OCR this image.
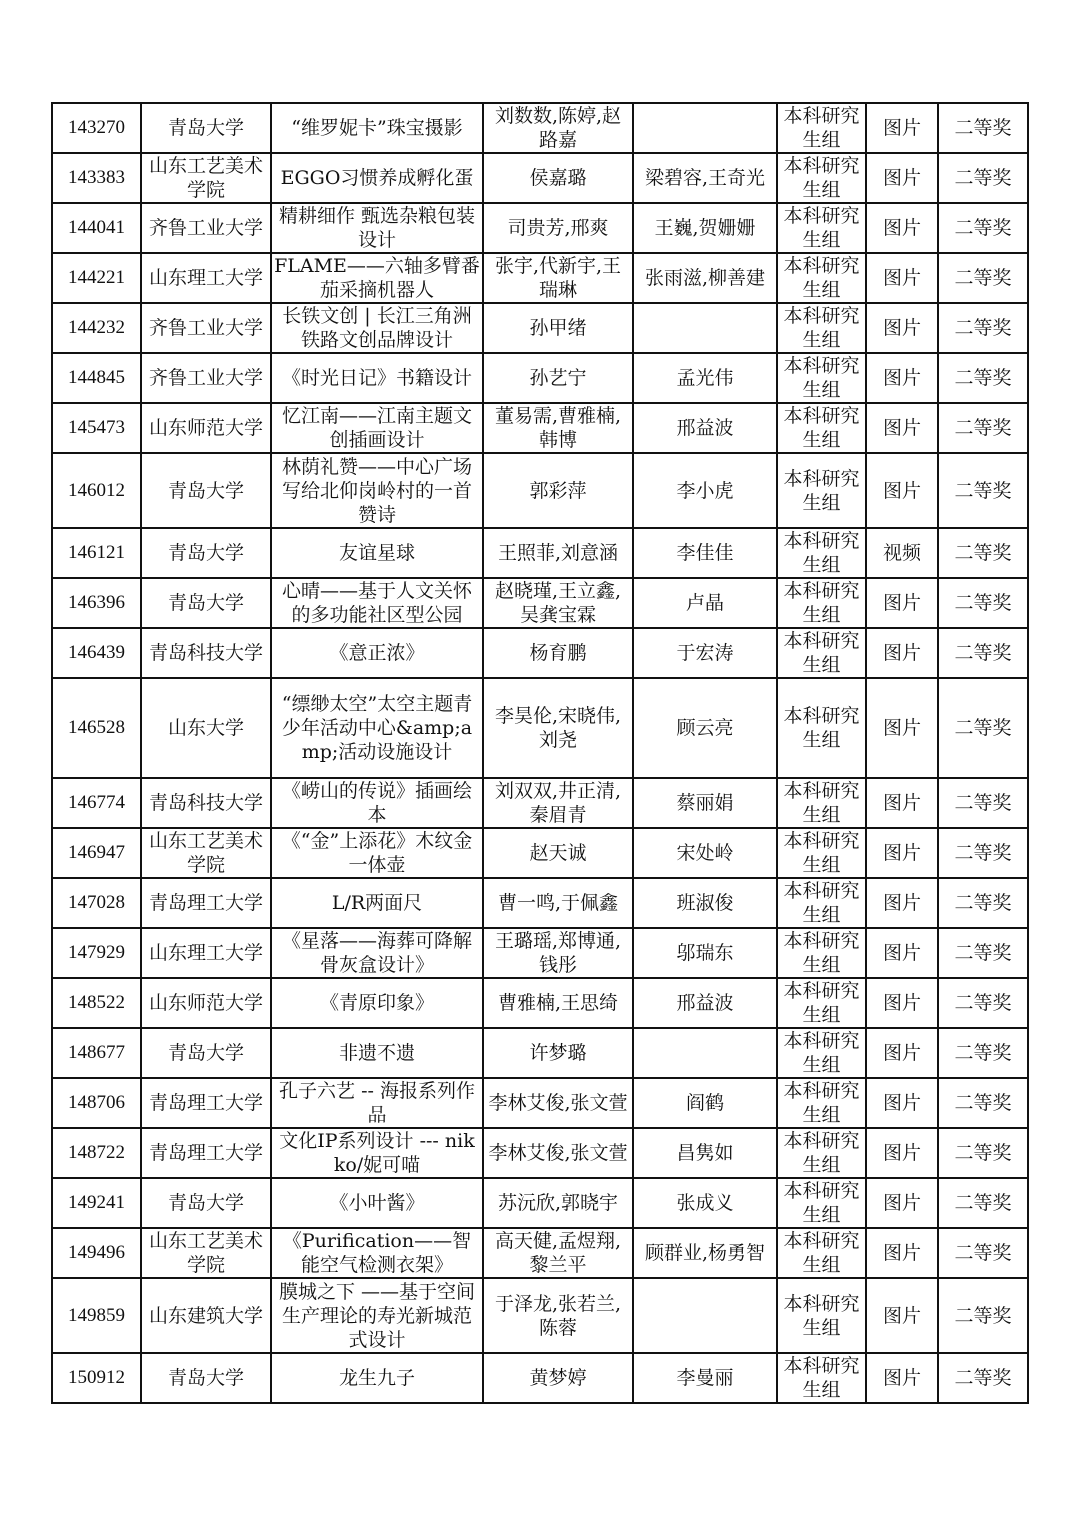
143270	青岛大学	“维罗妮卡”珠宝摄影	刘数数,陈婷,赵路嘉		本科研究生组	图片	二等奖
143383	山东工艺美术学院	EGGO习惯养成孵化蛋	侯嘉璐	梁碧容,王奇光	本科研究生组	图片	二等奖
144041	齐鲁工业大学	精耕细作 甄选杂粮包装设计	司贵芳,邢爽	王巍,贺姗姗	本科研究生组	图片	二等奖
144221	山东理工大学	FLAME——六轴多臂番茄采摘机器人	张宇,代新宇,王瑞琳	张雨滋,柳善建	本科研究生组	图片	二等奖
144232	齐鲁工业大学	长铁文创 | 长江三角洲铁路文创品牌设计	孙甲绪		本科研究生组	图片	二等奖
144845	齐鲁工业大学	《时光日记》书籍设计	孙艺宁	孟光伟	本科研究生组	图片	二等奖
145473	山东师范大学	忆江南——江南主题文创插画设计	董易需,曹雅楠,韩博	邢益波	本科研究生组	图片	二等奖
146012	青岛大学	林荫礼赞——中心广场写给北仰岗岭村的一首赞诗	郭彩萍	李小虎	本科研究生组	图片	二等奖
146121	青岛大学	友谊星球	王照菲,刘意涵	李佳佳	本科研究生组	视频	二等奖
146396	青岛大学	心晴——基于人文关怀的多功能社区型公园	赵晓瑾,王立鑫,吴龚宝霖	卢晶	本科研究生组	图片	二等奖
146439	青岛科技大学	《意正浓》	杨育鹏	于宏涛	本科研究生组	图片	二等奖
146528	山东大学	“缥缈太空”太空主题青少年活动中心&amp;amp;活动设施设计	李昊伦,宋晓伟,刘尧	顾云亮	本科研究生组	图片	二等奖
146774	青岛科技大学	《崂山的传说》插画绘本	刘双双,井正清,秦眉青	蔡丽娟	本科研究生组	图片	二等奖
146947	山东工艺美术学院	《“金”上添花》木纹金一体壶	赵天诚	宋处岭	本科研究生组	图片	二等奖
147028	青岛理工大学	L/R两面尺	曹一鸣,于佩鑫	班淑俊	本科研究生组	图片	二等奖
147929	山东理工大学	《星落——海葬可降解骨灰盒设计》	王璐瑶,郑博通,钱彤	邬瑞东	本科研究生组	图片	二等奖
148522	山东师范大学	《青原印象》	曹雅楠,王思绮	邢益波	本科研究生组	图片	二等奖
148677	青岛大学	非遗不遗	许梦璐		本科研究生组	图片	二等奖
148706	青岛理工大学	孔子六艺 -- 海报系列作品	李林艾俊,张文萱	阎鹤	本科研究生组	图片	二等奖
148722	青岛理工大学	文化IP系列设计 --- nikko/妮可喵	李林艾俊,张文萱	昌隽如	本科研究生组	图片	二等奖
149241	青岛大学	《小叶酱》	苏沅欣,郭晓宇	张成义	本科研究生组	图片	二等奖
149496	山东工艺美术学院	《Purification——智能空气检测衣架》	高天健,孟煜翔,黎兰平	顾群业,杨勇智	本科研究生组	图片	二等奖
149859	山东建筑大学	膜城之下 ——基于空间生产理论的寿光新城范式设计	于泽龙,张若兰,陈蓉		本科研究生组	图片	二等奖
150912	青岛大学	龙生九子	黄梦婷	李曼丽	本科研究生组	图片	二等奖
